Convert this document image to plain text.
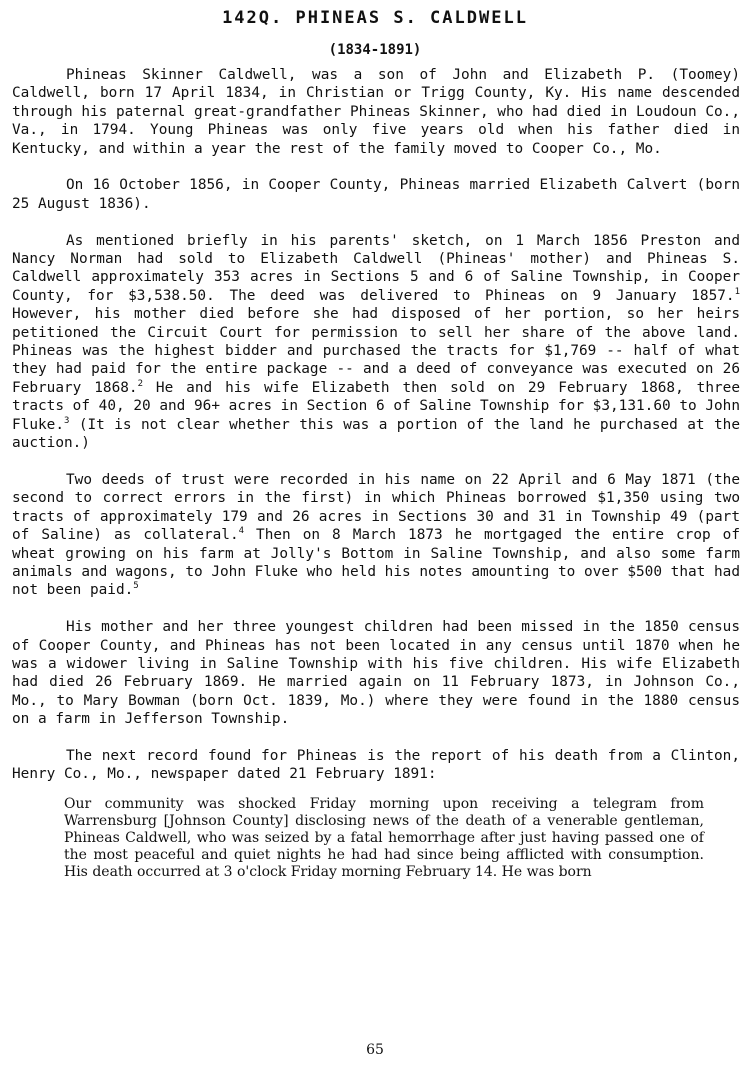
142Q. PHINEAS S. CALDWELL
(1834-1891)

Phineas Skinner Caldwell, was a son of John and Elizabeth P. (Toomey) Caldwell, born 17 April 1834, in Christian or Trigg County, Ky. His name descended through his paternal great-grandfather Phineas Skinner, who had died in Loudoun Co., Va., in 1794. Young Phineas was only five years old when his father died in Kentucky, and within a year the rest of the family moved to Cooper Co., Mo.

On 16 October 1856, in Cooper County, Phineas married Elizabeth Calvert (born 25 August 1836).

As mentioned briefly in his parents' sketch, on 1 March 1856 Preston and Nancy Norman had sold to Elizabeth Caldwell (Phineas' mother) and Phineas S. Caldwell approximately 353 acres in Sections 5 and 6 of Saline Township, in Cooper County, for $3,538.50. The deed was delivered to Phineas on 9 January 1857.$^1$ However, his mother died before she had disposed of her portion, so her heirs petitioned the Circuit Court for permission to sell her share of the above land. Phineas was the highest bidder and purchased the tracts for $1,769 -- half of what they had paid for the entire package -- and a deed of conveyance was executed on 26 February 1868.$^2$ He and his wife Elizabeth then sold on 29 February 1868, three tracts of 40, 20 and 96+ acres in Section 6 of Saline Township for $3,131.60 to John Fluke.$^3$ (It is not clear whether this was a portion of the land he purchased at the auction.)

Two deeds of trust were recorded in his name on 22 April and 6 May 1871 (the second to correct errors in the first) in which Phineas borrowed $1,350 using two tracts of approximately 179 and 26 acres in Sections 30 and 31 in Township 49 (part of Saline) as collateral.$^4$ Then on 8 March 1873 he mortgaged the entire crop of wheat growing on his farm at Jolly's Bottom in Saline Township, and also some farm animals and wagons, to John Fluke who held his notes amounting to over $500 that had not been paid.$^5$

His mother and her three youngest children had been missed in the 1850 census of Cooper County, and Phineas has not been located in any census until 1870 when he was a widower living in Saline Township with his five children. His wife Elizabeth had died 26 February 1869. He married again on 11 February 1873, in Johnson Co., Mo., to Mary Bowman (born Oct. 1839, Mo.) where they were found in the 1880 census on a farm in Jefferson Township.

The next record found for Phineas is the report of his death from a Clinton, Henry Co., Mo., newspaper dated 21 February 1891:

Our community was shocked Friday morning upon receiving a telegram from Warrensburg [Johnson County] disclosing news of the death of a venerable gentleman, Phineas Caldwell, who was seized by a fatal hemorrhage after just having passed one of the most peaceful and quiet nights he had had since being afflicted with consumption. His death occurred at 3 o'clock Friday morning February 14. He was born
65
